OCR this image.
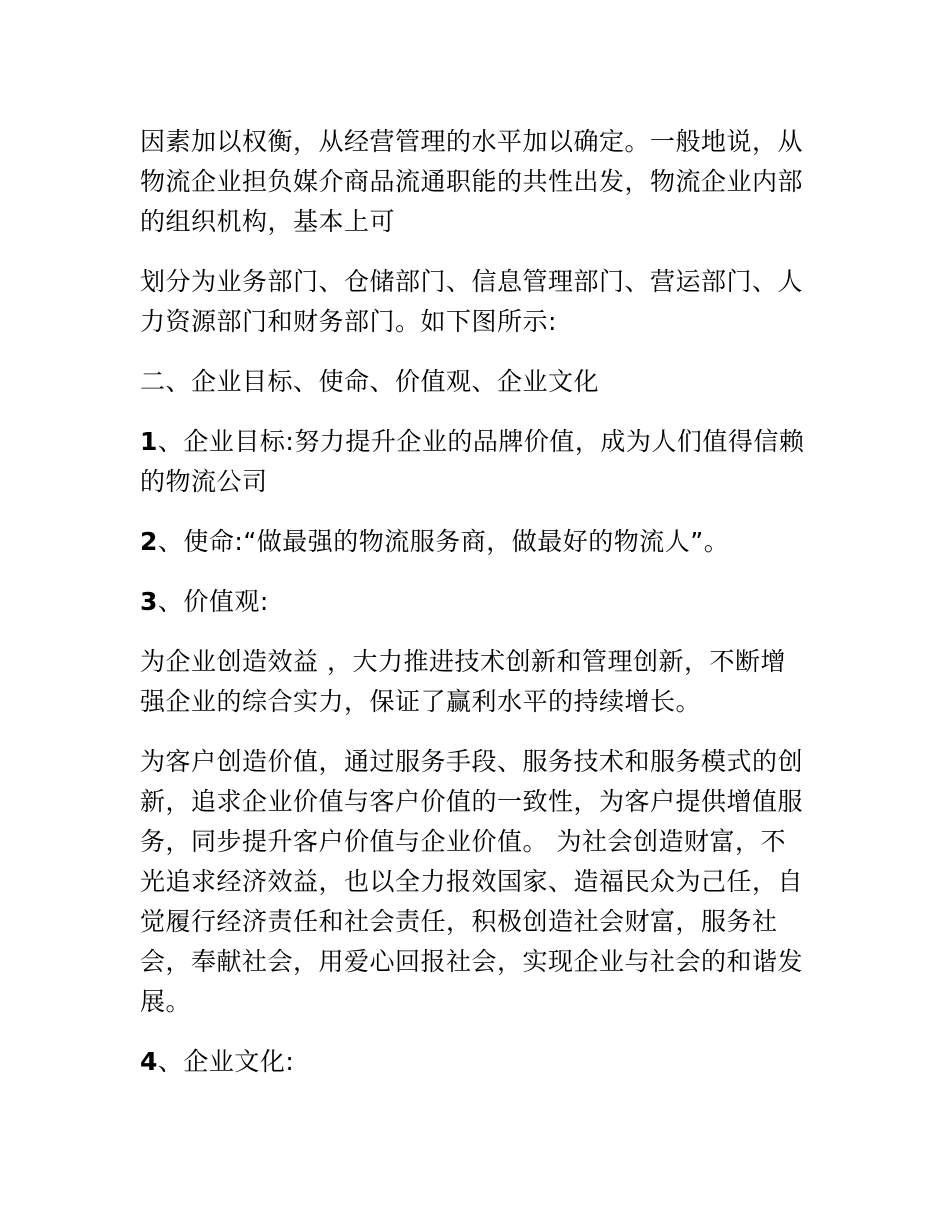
因素加以权衡，从经营管理的水平加以确定。一般地说，从物流企业担负媒介商品流通职能的共性出发，物流企业内部的组织机构，基本上可

划分为业务部门、仓储部门、信息管理部门、营运部门、人力资源部门和财务部门。如下图所示:

二、企业目标、使命、价值观、企业文化

1、企业目标:努力提升企业的品牌价值，成为人们值得信赖的物流公司

2、使命:“做最强的物流服务商，做最好的物流人”。

3、价值观:

为企业创造效益 ，大力推进技术创新和管理创新，不断增强企业的综合实力，保证了赢利水平的持续增长。

为客户创造价值，通过服务手段、服务技术和服务模式的创新，追求企业价值与客户价值的一致性，为客户提供增值服务，同步提升客户价值与企业价值。 为社会创造财富，不光追求经济效益，也以全力报效国家、造福民众为己任，自觉履行经济责任和社会责任，积极创造社会财富，服务社会，奉献社会，用爱心回报社会，实现企业与社会的和谐发展。

4、企业文化:
